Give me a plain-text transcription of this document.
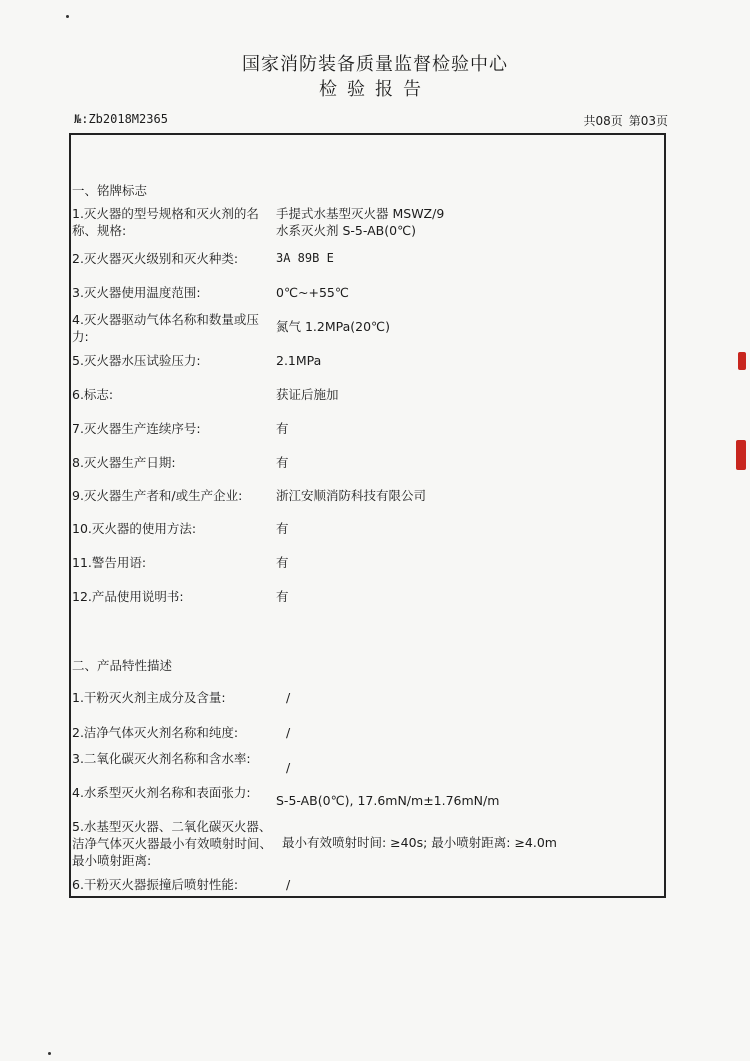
国家消防装备质量监督检验中心
检验报告
№:Zb2018M2365	共08页 第03页
一、铭牌标志
1.灭火器的型号规格和灭火剂的名称、规格:
手提式水基型灭火器 MSWZ/9
水系灭火剂 S-5-AB(0℃)
2.灭火器灭火级别和灭火种类:	3A 89B E
3.灭火器使用温度范围:	0℃~+55℃
4.灭火器驱动气体名称和数量或压力:
氮气 1.2MPa(20℃)
5.灭火器水压试验压力:	2.1MPa
6.标志:	获证后施加
7.灭火器生产连续序号:	有
8.灭火器生产日期:	有
9.灭火器生产者和/或生产企业:	浙江安顺消防科技有限公司
10.灭火器的使用方法:	有
11.警告用语:	有
12.产品使用说明书:	有
二、产品特性描述
1.干粉灭火剂主成分及含量:	/
2.洁净气体灭火剂名称和纯度:	/
3.二氧化碳灭火剂名称和含水率:
/
4.水系型灭火剂名称和表面张力:
S-5-AB(0℃), 17.6mN/m±1.76mN/m
5.水基型灭火器、二氧化碳灭火器、洁净气体灭火器最小有效喷射时间、最小喷射距离:
最小有效喷射时间: ≥40s; 最小喷射距离: ≥4.0m
6.干粉灭火器振撞后喷射性能:	/
